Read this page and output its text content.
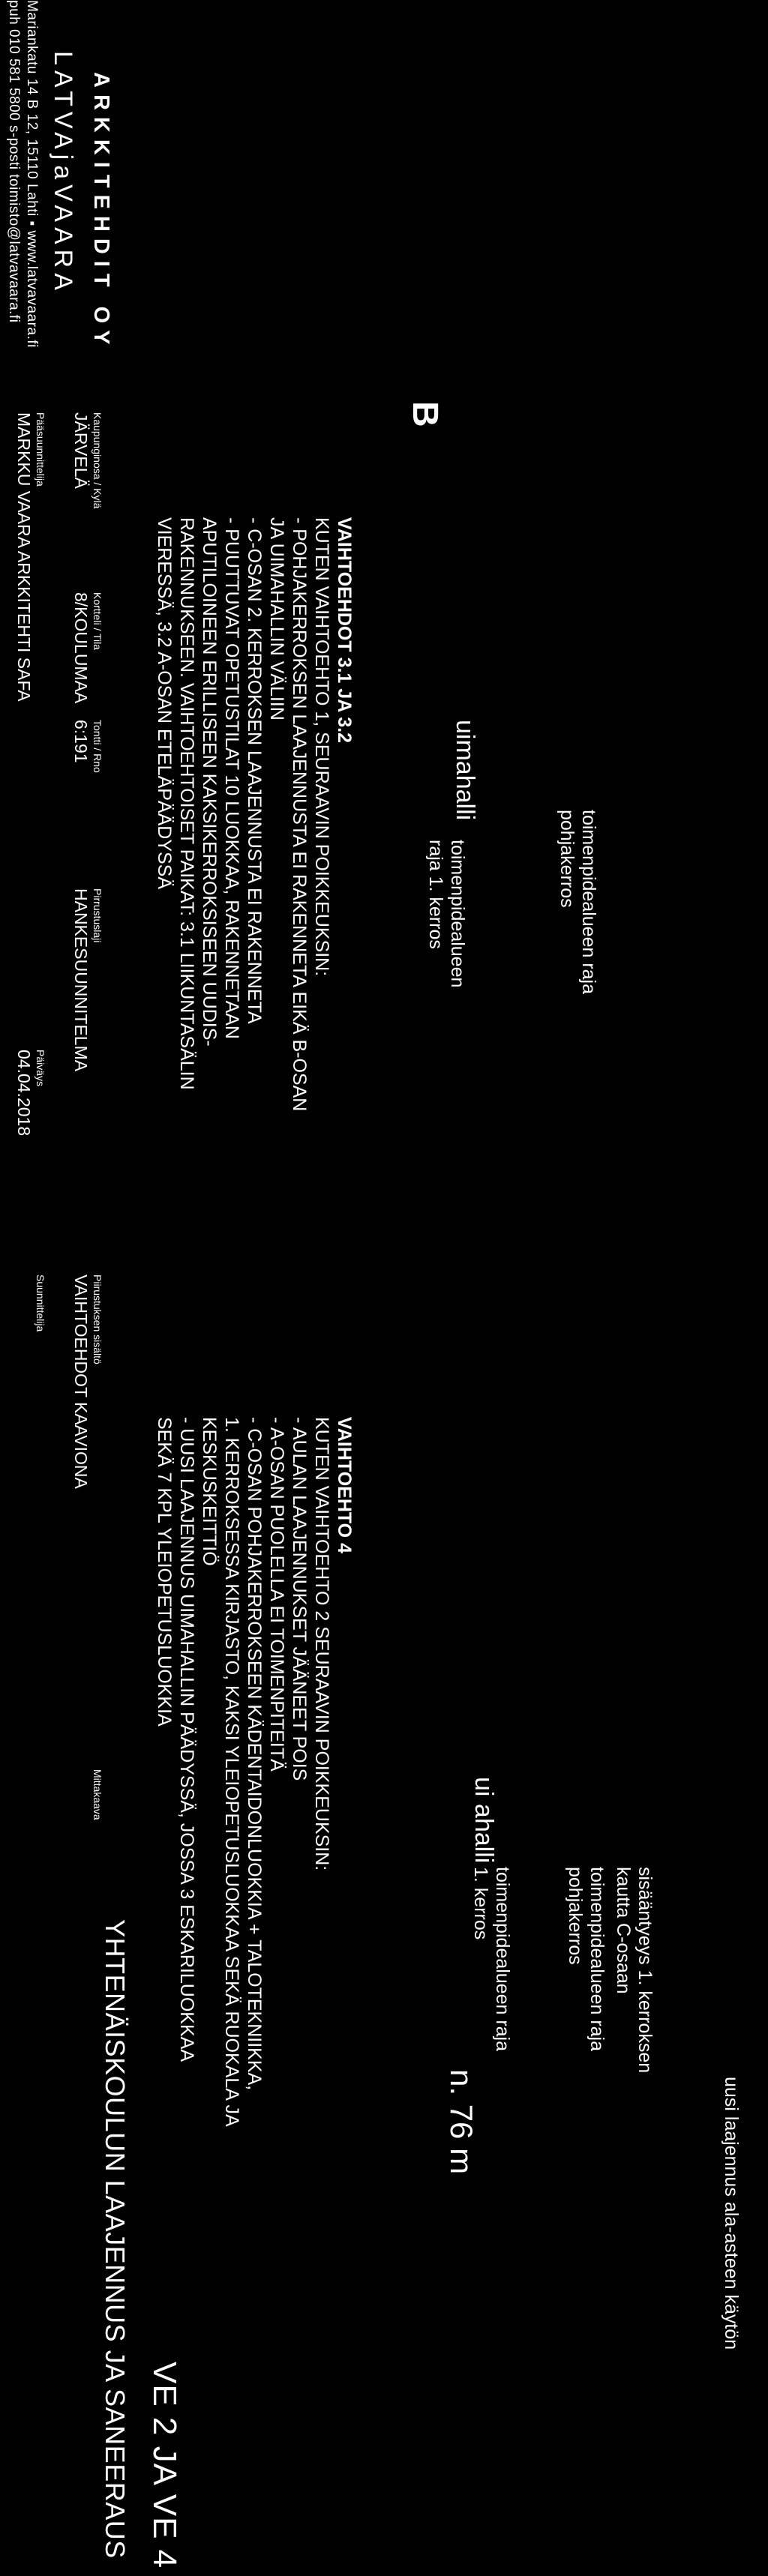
puh 010 581 5800 s-posti toimisto@latvavaara.fi Mariankatu 14 B 12, 15110 Lahti ▪ www.latvavaara.fi LATVAjaVAARA ARKKITEHDIT OY
Kaupunginosa / Kylä
JÄRVELÄ
Kortteli / Tila
8/KOULUMAA
Tontti / Rno
6:191
Pirrustuslaji
HANKESUUNNITELMA
Pääsuunnittelija
MARKKU VAARA ARKKITEHTI SAFA
Päiväys
04.04.2018
Piirustuksen sisältö
VAIHTOEHDOT KAAVIONA
Suunnittelija
Mittakaava
YHTENÄISKOULUN LAAJENNUS JA SANEERAUS VE 2 JA VE 4
VAIHTOEHDOT 3.1 JA 3.2
KUTEN VAIHTOEHTO 1, SEURAAVIN POIKKEUKSIN:
- POHJAKERROKSEN LAAJENNUSTA EI RAKENNETA EIKÄ B-OSAN
JA UIMAHALLIN VÄLIIN
- C-OSAN 2. KERROKSEN LAAJENNUSTA EI RAKENNETA
- PUUTTUVAT OPETUSTILAT 10 LUOKKAA, RAKENNETAAN
APUTILOINEEN ERILLISEEN KAKSIKERROKSISEEN UUDIS-
RAKENNUKSEEN. VAIHTOEHTOISET PAIKAT: 3.1 LIIKUNTASÄLIN
VIERESSÄ, 3.2 A-OSAN ETELÄPÄÄDYSSÄ
VAIHTOEHTO 4
KUTEN VAIHTOEHTO 2 SEURAAVIN POIKKEUKSIN:
- AULAN LAAJENNUKSET JÄÄNEET POIS
- A-OSAN PUOLELLA EI TOIMENPITEITÄ
- C-OSAN POHJAKERROKSEEN KÄDENTAIDONLUOKKIA + TALOTEKNIIKKA,
1. KERROKSESSA KIRJASTO, KAKSI YLEIOPETUSLUOKKAA SEKÄ RUOKALA JA
KESKUSKEITTIÖ
- UUSI LAAJENNUS UIMAHALLIN PÄÄDYSSÄ, JOSSA 3 ESKARILUOKKAA
SEKÄ 7 KPL YLEIOPETUSLUOKKIA
B
uimahalli
toimenpidealueen raja
pohjakerros
toimenpidealueen
raja 1. kerros
ui ahalli
sisääntyeys 1. kerroksen
kautta C-osaan
toimenpidealueen raja
pohjakerros
toimenpidealueen raja
1. kerros
n. 76 m	uusi laajennus ala-asteen käytön
